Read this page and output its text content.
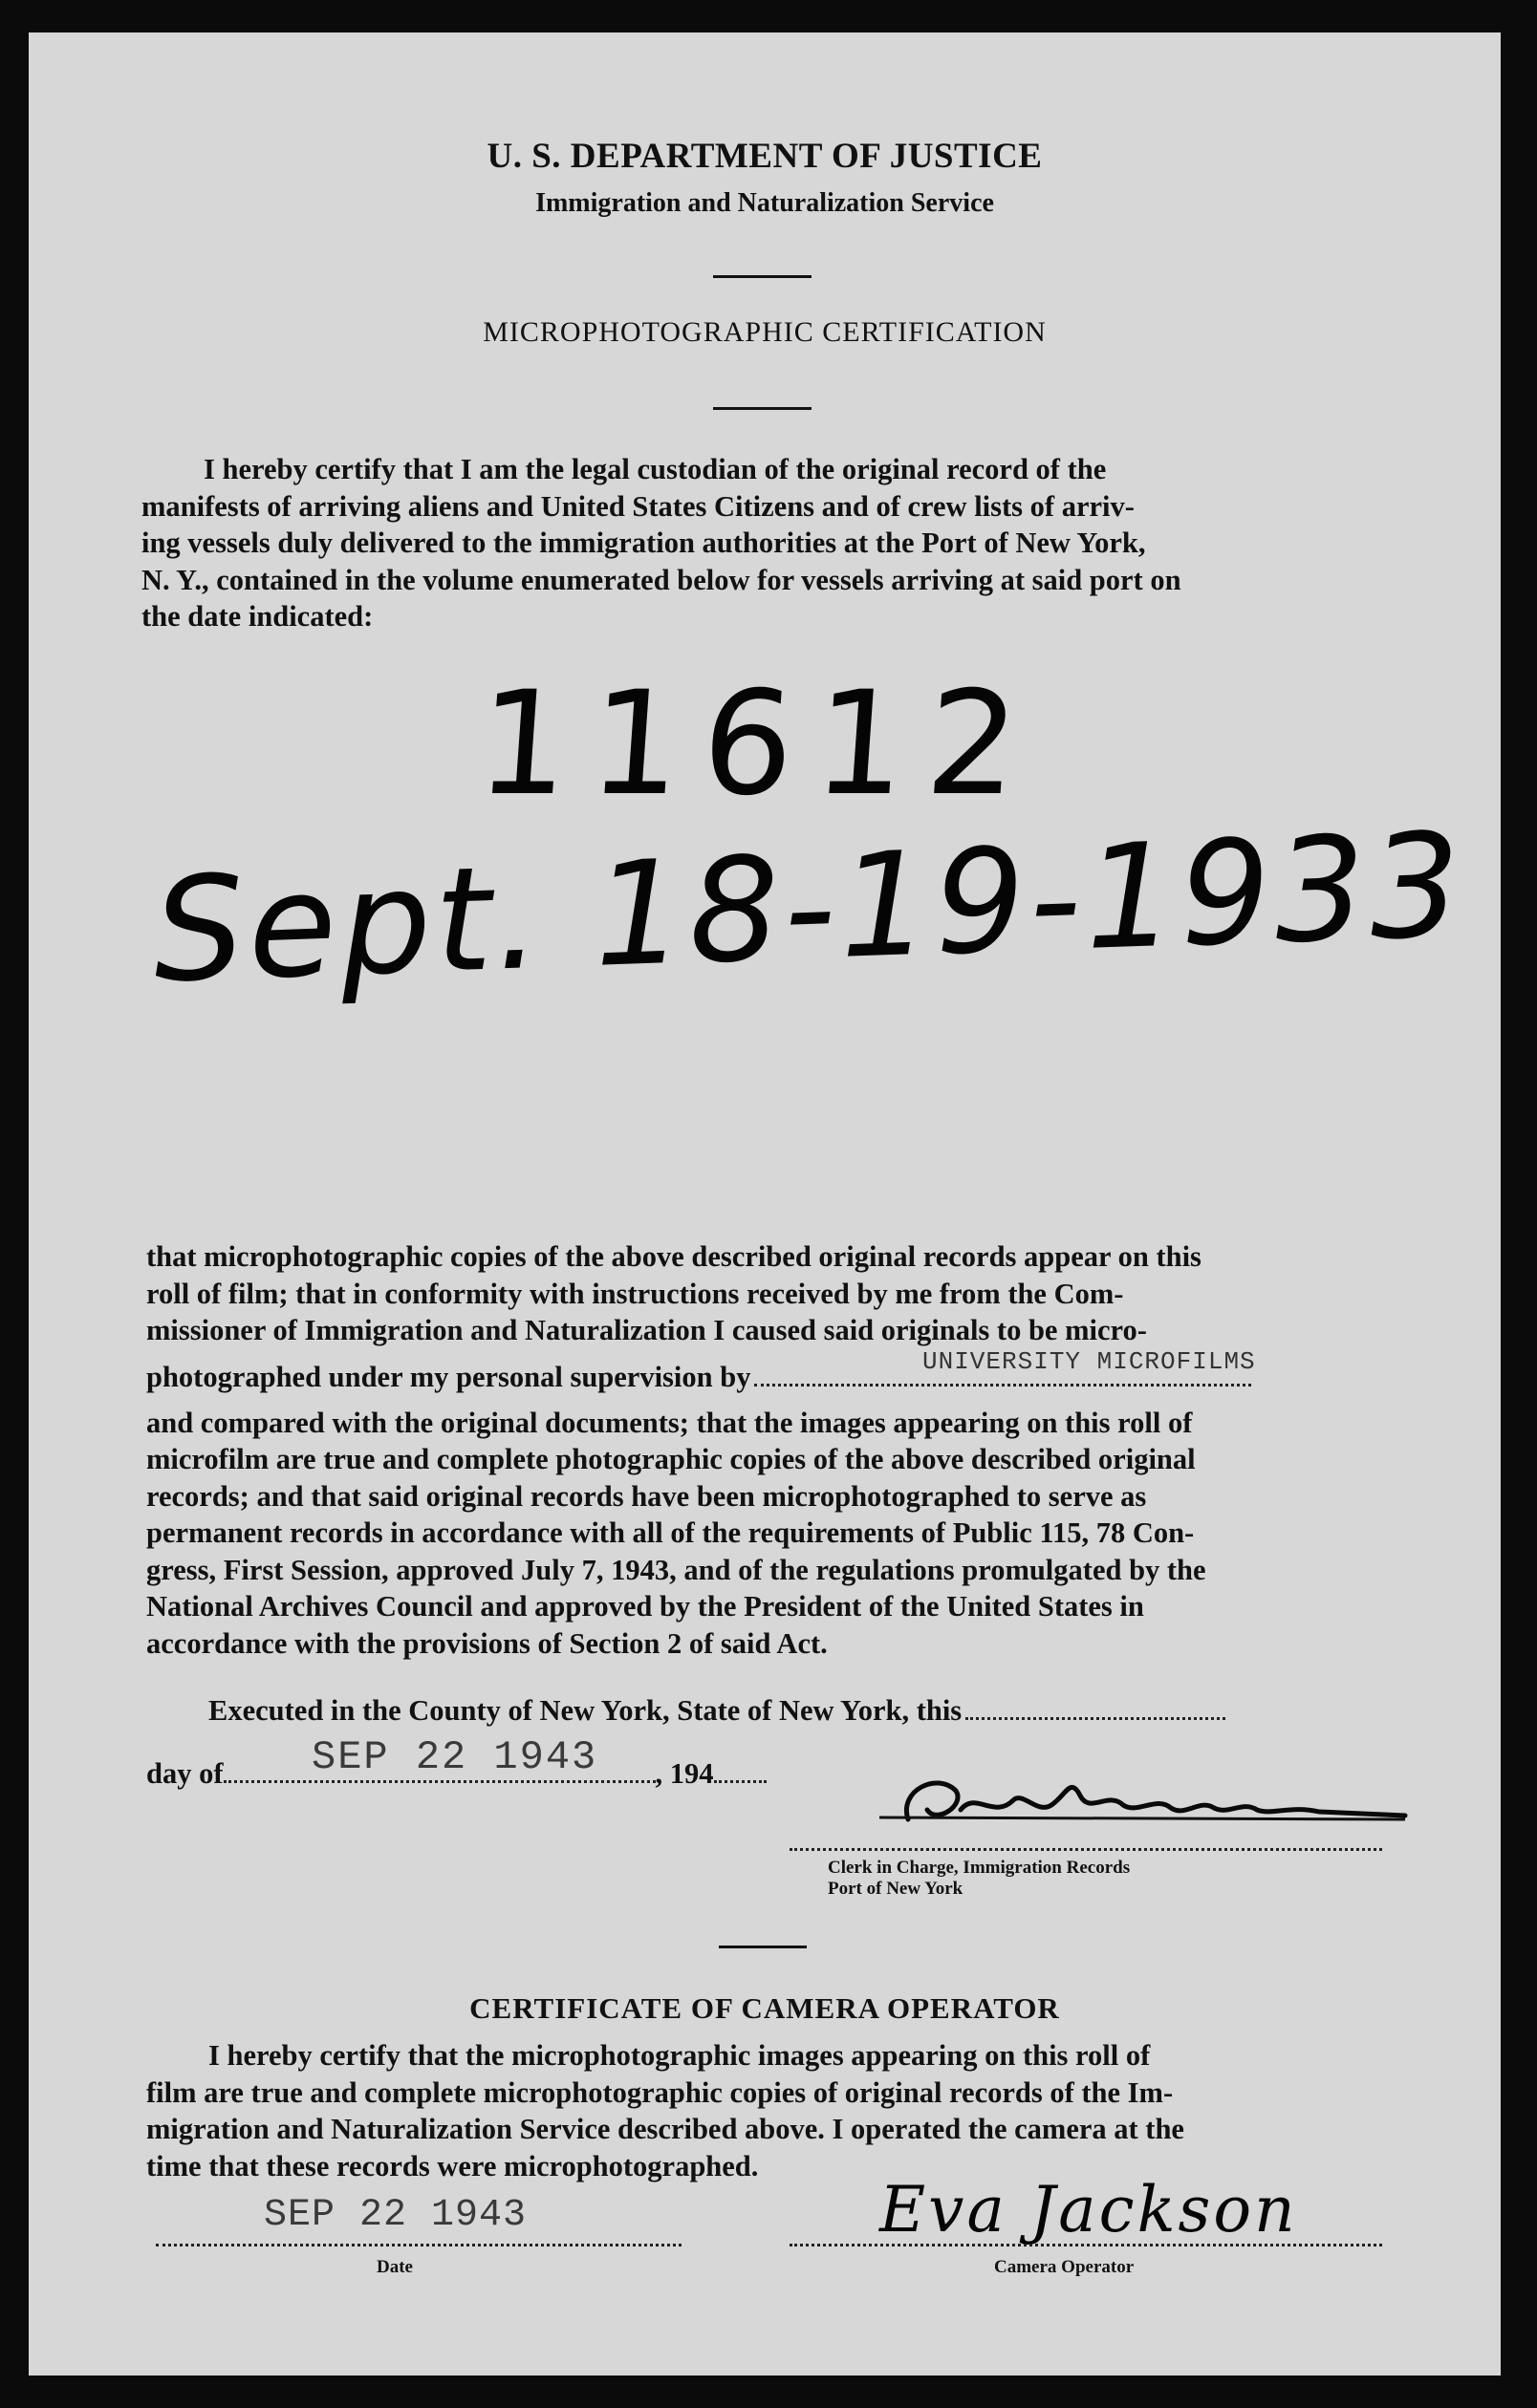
U. S. DEPARTMENT OF JUSTICE
Immigration and Naturalization Service
MICROPHOTOGRAPHIC CERTIFICATION
I hereby certify that I am the legal custodian of the original record of the
manifests of arriving aliens and United States Citizens and of crew lists of arriv-
ing vessels duly delivered to the immigration authorities at the Port of New York,
N. Y., contained in the volume enumerated below for vessels arriving at said port on
the date indicated:
11612
Sept. 18-19-1933
that microphotographic copies of the above described original records appear on this
roll of film; that in conformity with instructions received by me from the Com-
missioner of Immigration and Naturalization I caused said originals to be micro-
photographed under my personal supervision by	UNIVERSITY MICROFILMS
and compared with the original documents; that the images appearing on this roll of
microfilm are true and complete photographic copies of the above described original
records; and that said original records have been microphotographed to serve as
permanent records in accordance with all of the requirements of Public 115, 78 Con-
gress, First Session, approved July 7, 1943, and of the regulations promulgated by the
National Archives Council and approved by the President of the United States in
accordance with the provisions of Section 2 of said Act.
Executed in the County of New York, State of New York, this
day of	, 194
SEP 22 1943
Clerk in Charge, Immigration Records
Port of New York
CERTIFICATE OF CAMERA OPERATOR
I hereby certify that the microphotographic images appearing on this roll of
film are true and complete microphotographic copies of original records of the Im-
migration and Naturalization Service described above. I operated the camera at the
time that these records were microphotographed.
SEP 22 1943
Date
Eva Jackson
Camera Operator
